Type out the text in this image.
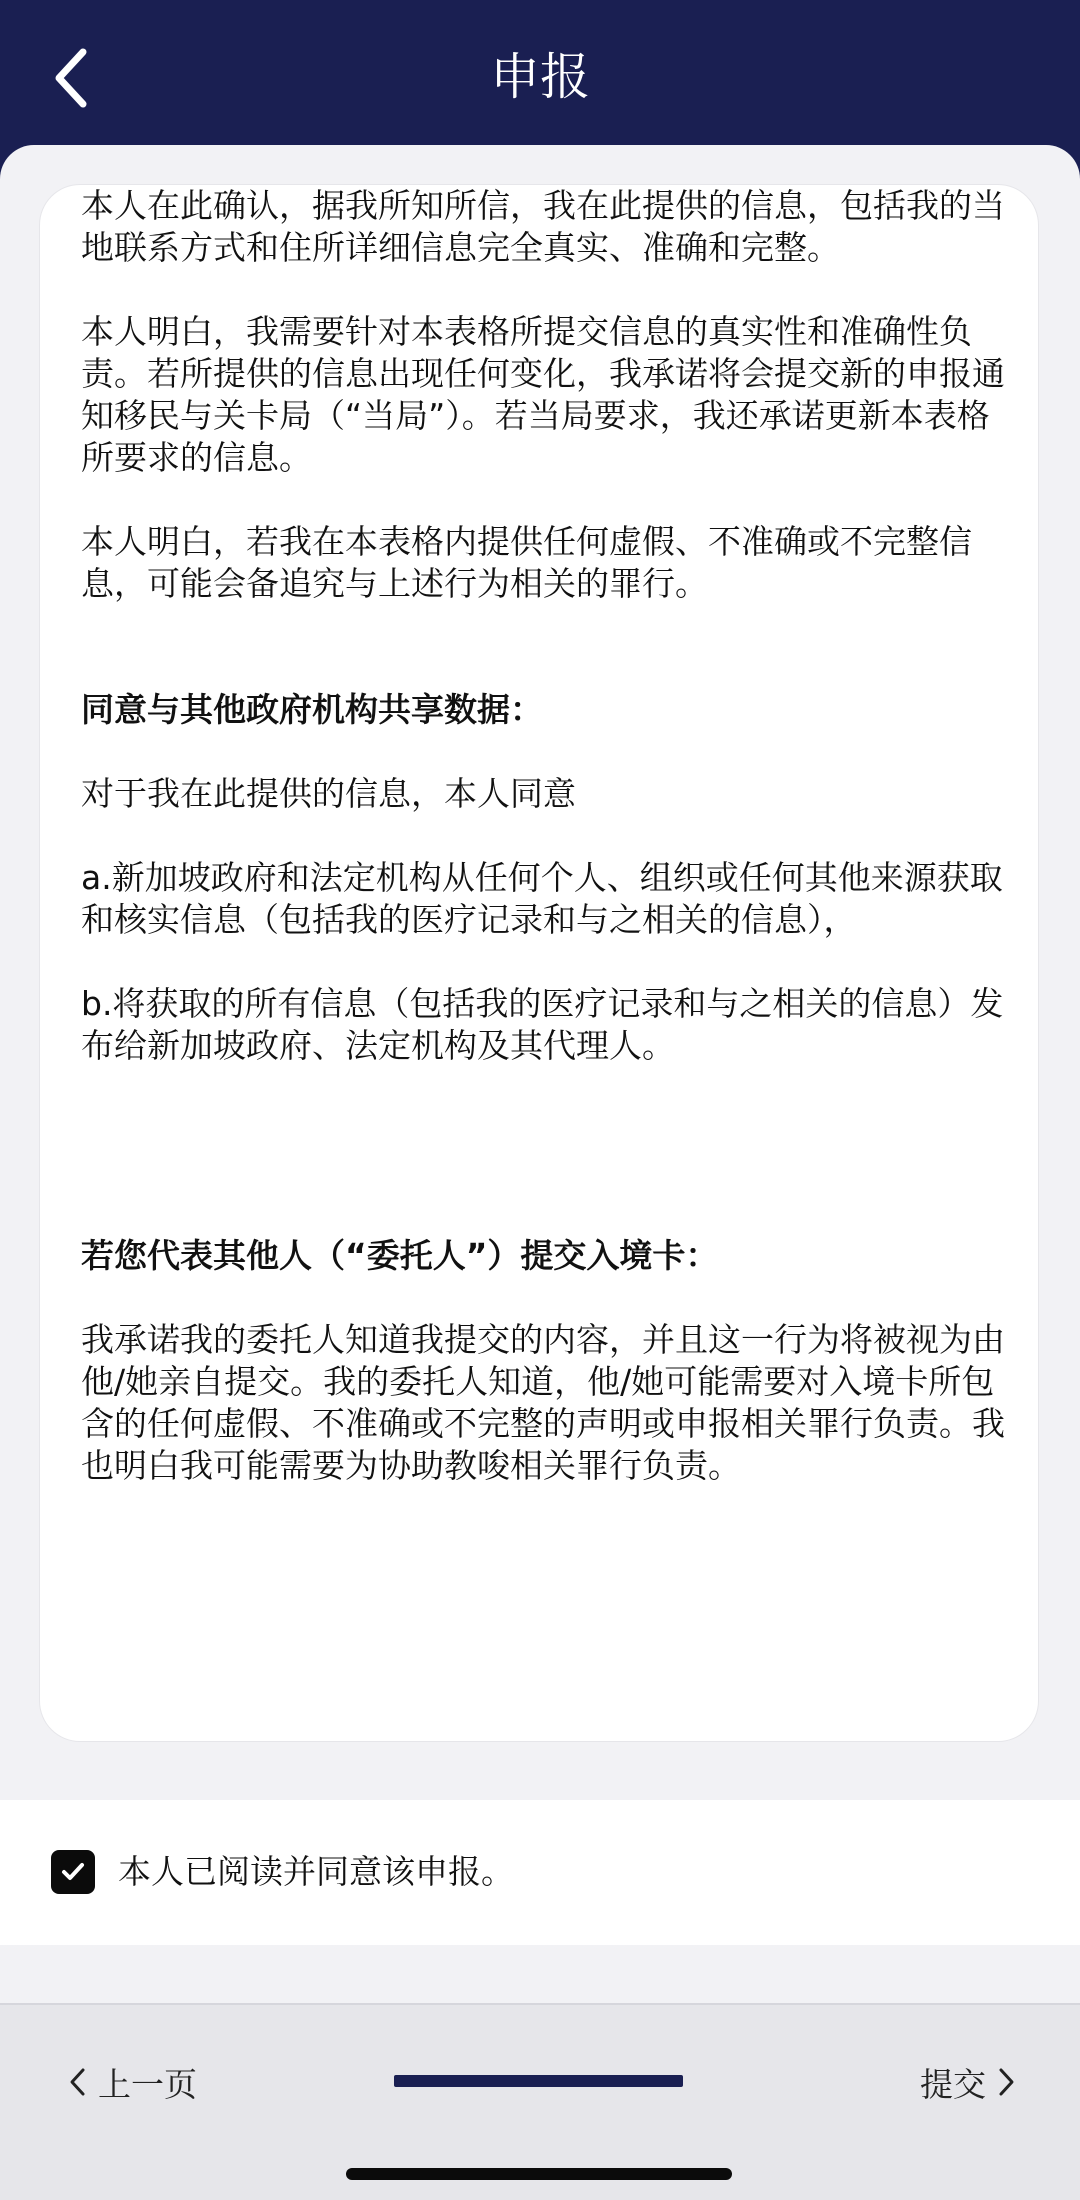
申报

本人在此确认，据我所知所信，我在此提供的信息，包括我的当地联系方式和住所详细信息完全真实、准确和完整。

本人明白，我需要针对本表格所提交信息的真实性和准确性负责。若所提供的信息出现任何变化，我承诺将会提交新的申报通知移民与关卡局（“当局”）。若当局要求，我还承诺更新本表格所要求的信息。

本人明白，若我在本表格内提供任何虚假、不准确或不完整信息，可能会备追究与上述行为相关的罪行。

同意与其他政府机构共享数据：

对于我在此提供的信息，本人同意

a.新加坡政府和法定机构从任何个人、组织或任何其他来源获取和核实信息（包括我的医疗记录和与之相关的信息），

b.将获取的所有信息（包括我的医疗记录和与之相关的信息）发布给新加坡政府、法定机构及其代理人。

若您代表其他人（“委托人”）提交入境卡：

我承诺我的委托人知道我提交的内容，并且这一行为将被视为由他/她亲自提交。我的委托人知道，他/她可能需要对入境卡所包含的任何虚假、不准确或不完整的声明或申报相关罪行负责。我也明白我可能需要为协助教唆相关罪行负责。

本人已阅读并同意该申报。
上一页	提交
